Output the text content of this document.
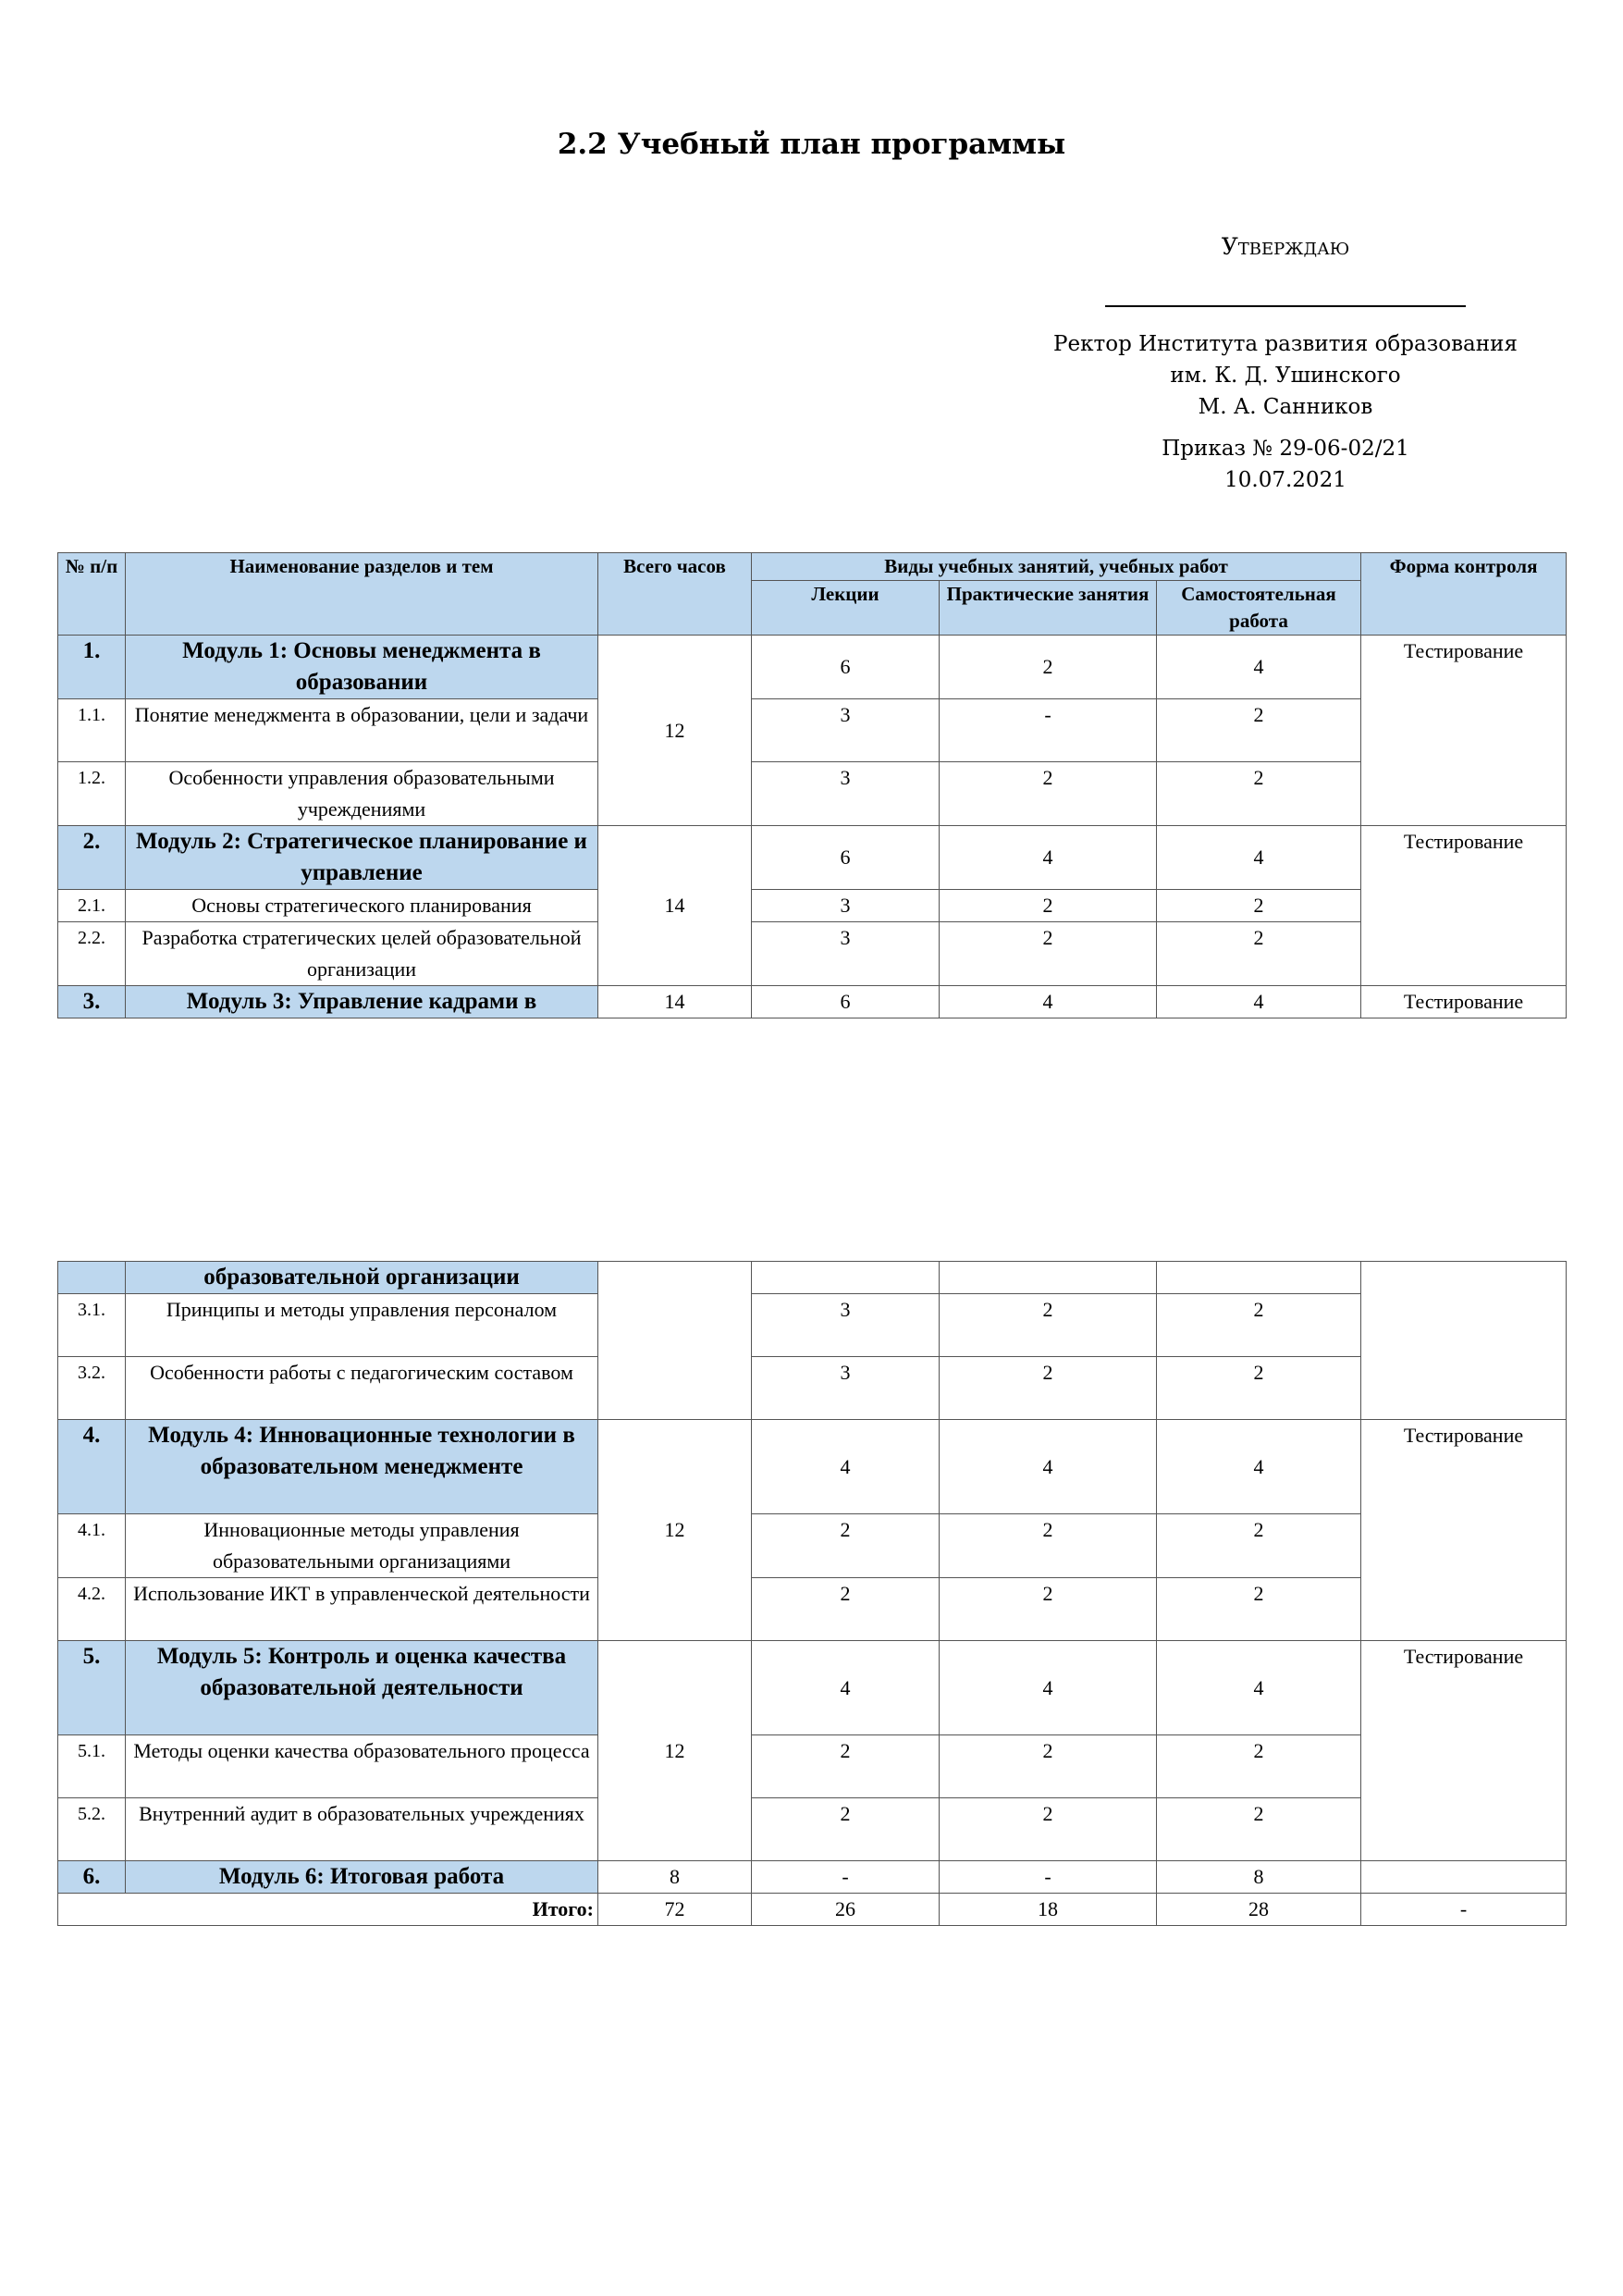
2.2 Учебный план программы
Утверждаю
Ректор Института развития образования
им. К. Д. Ушинского
М. А. Санников
Приказ № 29-06-02/21
10.07.2021
№ п/п	Наименование разделов и тем	Всего часов	Виды учебных занятий, учебных работ			Форма контроля
			Лекции	Практические занятия	Самостоятельная работа	
1.	Модуль 1: Основы менеджмента в образовании	12	6	2	4	Тестирование
1.1.	Понятие менеджмента в образовании, цели и задачи		3	-	2	
1.2.	Особенности управления образовательными учреждениями		3	2	2	
2.	Модуль 2: Стратегическое планирование и управление	14	6	4	4	Тестирование
2.1.	Основы стратегического планирования		3	2	2	
2.2.	Разработка стратегических целей образовательной организации		3	2	2	
3.	Модуль 3: Управление кадрами в	14	6	4	4	Тестирование
	образовательной организации					
3.1.	Принципы и методы управления персоналом		3	2	2	
3.2.	Особенности работы с педагогическим составом		3	2	2	
4.	Модуль 4: Инновационные технологии в образовательном менеджменте	12	4	4	4	Тестирование
4.1.	Инновационные методы управления образовательными организациями		2	2	2	
4.2.	Использование ИКТ в управленческой деятельности		2	2	2	
5.	Модуль 5: Контроль и оценка качества образовательной деятельности	12	4	4	4	Тестирование
5.1.	Методы оценки качества образовательного процесса		2	2	2	
5.2.	Внутренний аудит в образовательных учреждениях		2	2	2	
6.	Модуль 6: Итоговая работа	8	-	-	8	
Итого:		72	26	18	28	-
